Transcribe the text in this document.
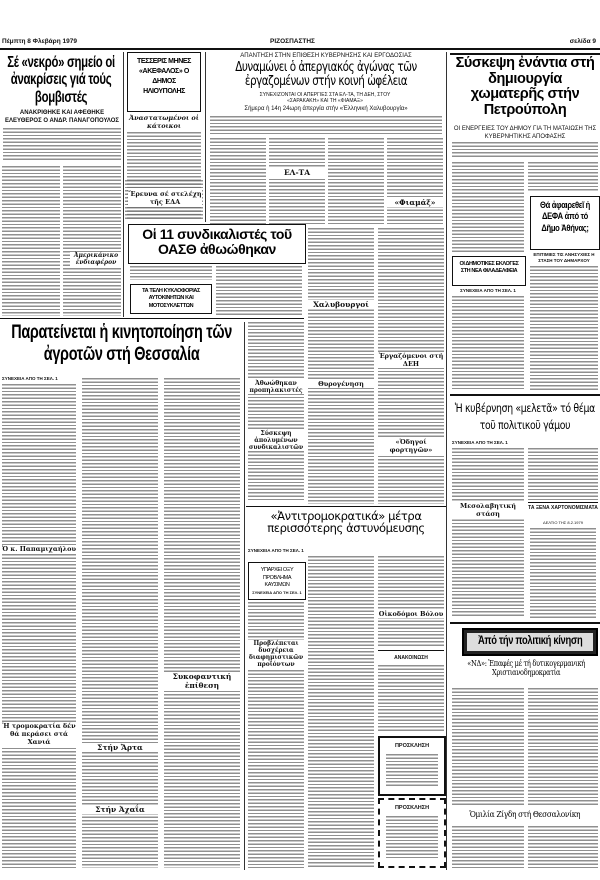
Πέμπτη 8 Φλεβάρη 1979	ΡΙΖΟΣΠΑΣΤΗΣ	σελίδα 9
Σέ «νεκρό» σημείο οἱ ἀνακρίσεις γιά τούς βομβιστές
ΑΝΑΚΡΙΘΗΚΕ ΚΑΙ ΑΦΕΘΗΚΕ ΕΛΕΥΘΕΡΟΣ Ο ΑΝΔΡ. ΠΑΝΑΓΟΠΟΥΛΟΣ
ΤΕΣΣΕΡΙΣ ΜΗΝΕΣ «ΑΚΕΦΑΛΟΣ» Ο ΔΗΜΟΣ ΗΛΙΟΥΠΟΛΗΣ
Ἀναστατωμένοι οἱ κάτοικοι
Ἔρευνα σέ στελέχη τῆς ΕΔΑ
ΑΠΑΝΤΗΣΗ ΣΤΗΝ ΕΠΙΘΕΣΗ ΚΥΒΕΡΝΗΣΗΣ ΚΑΙ ΕΡΓΟΔΟΣΙΑΣ
Δυναμώνει ὁ ἀπεργιακός ἀγώνας τῶν ἐργαζομένων στήν κοινή ὠφέλεια
ΣΥΝΕΧΙΖΟΝΤΑΙ ΟΙ ΑΠΕΡΓΙΕΣ ΣΤΑ ΕΛ-ΤΑ, ΤΗ ΔΕΗ, ΣΤΟΥ «ΣΑΡΑΚΑΚΗ» ΚΑΙ ΤΗ «ΦΙΑΜΑΞ»
Σήμερα ἡ 14η 24ωρη ἀπεργία στήν «Ἑλληνική Χαλυβουργία»
ΕΛ-ΤΑ
«Φιαμάξ»
Σύσκεψη ἐνάντια στή δημιουργία χωματερῆς στήν Πετρούπολη
ΟΙ ΕΝΕΡΓΕΙΕΣ ΤΟΥ ΔΗΜΟΥ ΓΙΑ ΤΗ ΜΑΤΑΙΩΣΗ ΤΗΣ ΚΥΒΕΡΝΗΤΙΚΗΣ ΑΠΟΦΑΣΗΣ
Θά ἀφαιρεθεῖ ἡ ΔΕΦΑ ἀπό τό Δῆμο Ἀθήνας;
ΕΠΙΤΙΜΙΕΣ ΤΙΣ ΑΝΗΣΥΧΙΕΣ Η ΣΤΑΣΗ ΤΟΥ ΔΗΜΑΡΧΟΥ
ΟΙ ΔΗΜΟΤΙΚΕΣ ΕΚΛΟΓΕΣ ΣΤΗ ΝΕΑ ΦΙΛΑΔΕΛΦΕΙΑ
ΣΥΝΕΧΕΙΑ ΑΠΟ ΤΗ ΣΕΛ. 1
Οἱ 11 συνδικαλιστές τοῦ ΟΑΣΘ ἀθωώθηκαν
Ἀμερικάνικο ἐνδιαφέρον
ΤΑ ΤΕΛΗ ΚΥΚΛΟΦΟΡΙΑΣ ΑΥΤΟΚΙΝΗΤΩΝ ΚΑΙ ΜΟΤΟΣΥΚΛΕΤΤΩΝ	Χαλυβουργοί
Ἐργαζόμενοι στή ΔΕΗ
Θυρογένηση
«Ὁδηγοί φορτηγῶν»
Παρατείνεται ἡ κινητοποίηση τῶν ἀγροτῶν στή Θεσσαλία
ΣΥΝΕΧΕΙΑ ΑΠΟ ΤΗ ΣΕΛ. 1
Ἡ τρομοκρατία δέν θά περάσει στά Χανιά
Στήν Ἄρτα
Στήν Ἀχαΐα
Συκοφαντική ἐπίθεση
Ὁ κ. Παπαμιχαήλου
Ἀθωώθηκαν προπηλακιστές
Σύσκεψη ἀπολυμένων συνδικαλιστῶν
«Ἀντιτρομοκρατικά» μέτρα περισσότερης ἀστυνόμευσης
ΣΥΝΕΧΕΙΑ ΑΠΟ ΤΗ ΣΕΛ. 1
ΥΠΑΡΧΕΙ ΟΞΥ ΠΡΟΒΛΗΜΑ ΚΑΥΣΙΜΩΝ
ΣΥΝΕΧΕΙΑ ΑΠΟ ΤΗ ΣΕΛ. 1
Προβλέπεται δυσχέρεια διαφημιστικῶν προϊόντων
Οἰκοδόμοι Βόλου
ΑΝΑΚΟΙΝΩΣΗ
ΠΡΟΣΚΛΗΣΗ
ΠΡΟΣΚΛΗΣΗ
Ἡ κυβέρνηση «μελετᾶ» τό θέμα τοῦ πολιτικοῦ γάμου
ΣΥΝΕΧΕΙΑ ΑΠΟ ΤΗ ΣΕΛ. 1
Μεσολαβητική στάση
ΤΑ ΞΕΝΑ ΧΑΡΤΟΝΟΜΙΣΜΑΤΑ
ΔΕΛΤΙΟ ΤΗΣ 8.2.1979
Ἀπό τήν πολιτική κίνηση
«ΝΔ»: Ἐπαφές μέ τή δυτικογερμανική Χριστιανοδημοκρατία
Ὁμιλία Ζίγδη στή Θεσσαλονίκη
